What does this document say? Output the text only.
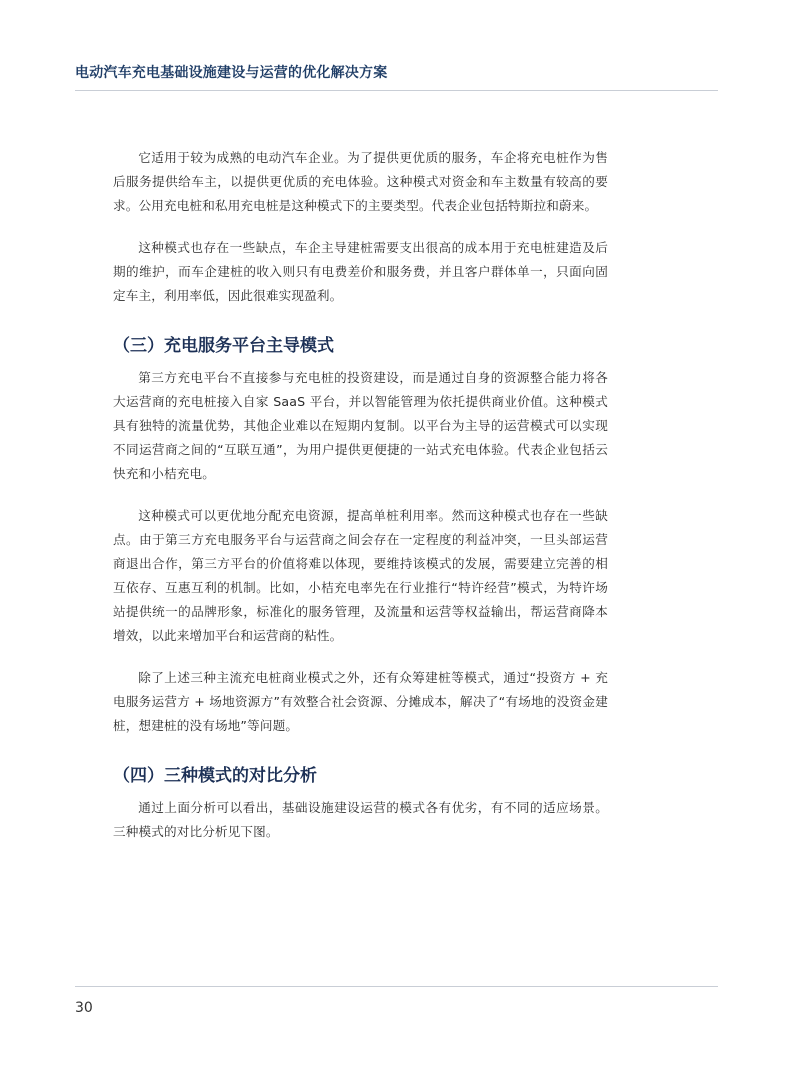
电动汽车充电基础设施建设与运营的优化解决方案

它适用于较为成熟的电动汽车企业。为了提供更优质的服务，车企将充电桩作为售后服务提供给车主，以提供更优质的充电体验。这种模式对资金和车主数量有较高的要求。公用充电桩和私用充电桩是这种模式下的主要类型。代表企业包括特斯拉和蔚来。

这种模式也存在一些缺点，车企主导建桩需要支出很高的成本用于充电桩建造及后期的维护，而车企建桩的收入则只有电费差价和服务费，并且客户群体单一，只面向固定车主，利用率低，因此很难实现盈利。

（三）充电服务平台主导模式

第三方充电平台不直接参与充电桩的投资建设，而是通过自身的资源整合能力将各大运营商的充电桩接入自家 SaaS 平台，并以智能管理为依托提供商业价值。这种模式具有独特的流量优势，其他企业难以在短期内复制。以平台为主导的运营模式可以实现不同运营商之间的“互联互通”，为用户提供更便捷的一站式充电体验。代表企业包括云快充和小桔充电。

这种模式可以更优地分配充电资源，提高单桩利用率。然而这种模式也存在一些缺点。由于第三方充电服务平台与运营商之间会存在一定程度的利益冲突，一旦头部运营商退出合作，第三方平台的价值将难以体现，要维持该模式的发展，需要建立完善的相互依存、互惠互利的机制。比如，小桔充电率先在行业推行“特许经营”模式，为特许场站提供统一的品牌形象，标准化的服务管理，及流量和运营等权益输出，帮运营商降本增效，以此来增加平台和运营商的粘性。

除了上述三种主流充电桩商业模式之外，还有众筹建桩等模式，通过“投资方 + 充电服务运营方 + 场地资源方”有效整合社会资源、分摊成本，解决了“有场地的没资金建桩，想建桩的没有场地”等问题。

（四）三种模式的对比分析

通过上面分析可以看出，基础设施建设运营的模式各有优劣，有不同的适应场景。三种模式的对比分析见下图。

30
